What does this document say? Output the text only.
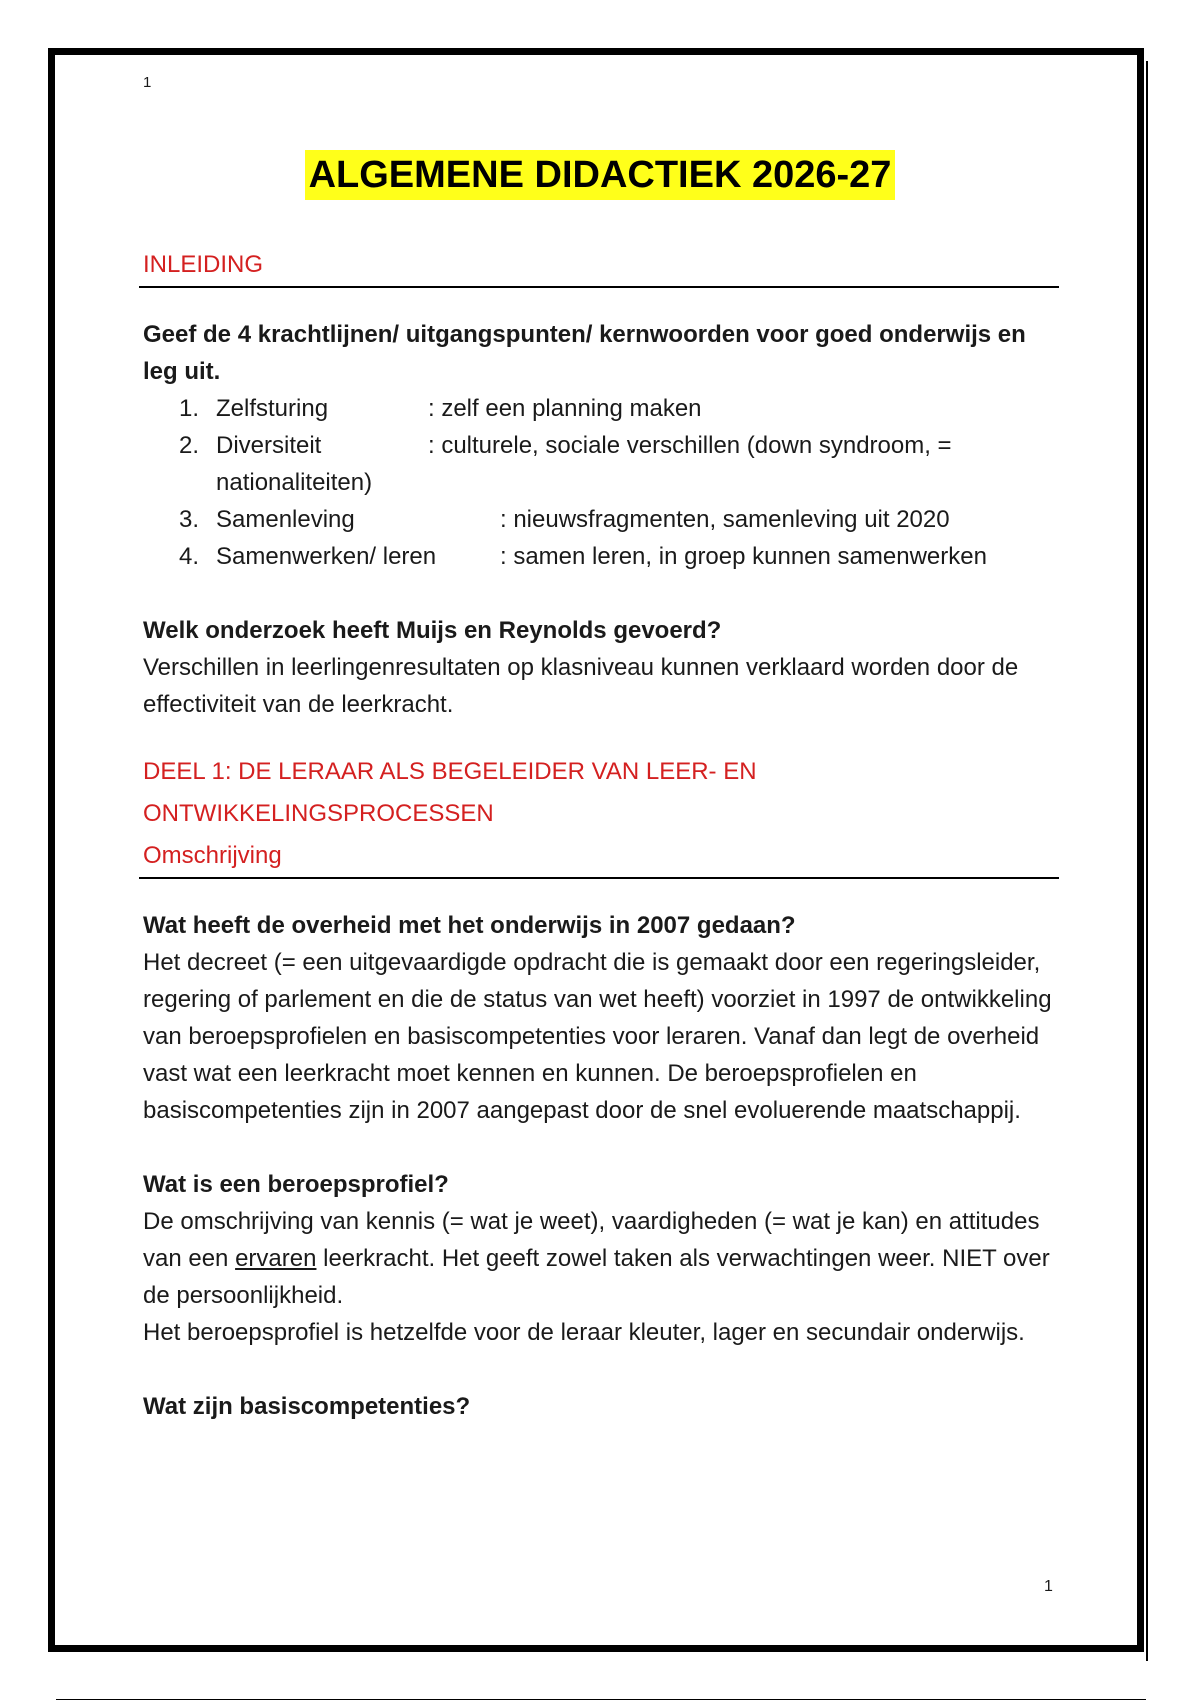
1
ALGEMENE DIDACTIEK 2026-27
INLEIDING

Geef de 4 krachtlijnen/ uitgangspunten/ kernwoorden voor goed onderwijs en leg uit.

1. Zelfsturing	: zelf een planning maken
2. Diversiteit	: culturele, sociale verschillen (down syndroom, =
nationaliteiten)
3. Samenleving	: nieuwsfragmenten, samenleving uit 2020
4. Samenwerken/ leren	: samen leren, in groep kunnen samenwerken

Welk onderzoek heeft Muijs en Reynolds gevoerd?

Verschillen in leerlingenresultaten op klasniveau kunnen verklaard worden door de effectiviteit van de leerkracht.

DEEL 1: DE LERAAR ALS BEGELEIDER VAN LEER- EN ONTWIKKELINGSPROCESSEN
Omschrijving

Wat heeft de overheid met het onderwijs in 2007 gedaan?

Het decreet (= een uitgevaardigde opdracht die is gemaakt door een regeringsleider, regering of parlement en die de status van wet heeft) voorziet in 1997 de ontwikkeling van beroepsprofielen en basiscompetenties voor leraren. Vanaf dan legt de overheid vast wat een leerkracht moet kennen en kunnen. De beroepsprofielen en basiscompetenties zijn in 2007 aangepast door de snel evoluerende maatschappij.

Wat is een beroepsprofiel?

De omschrijving van kennis (= wat je weet), vaardigheden (= wat je kan) en attitudes van een ervaren leerkracht. Het geeft zowel taken als verwachtingen weer. NIET over de persoonlijkheid.

Het beroepsprofiel is hetzelfde voor de leraar kleuter, lager en secundair onderwijs.

Wat zijn basiscompetenties?

1
